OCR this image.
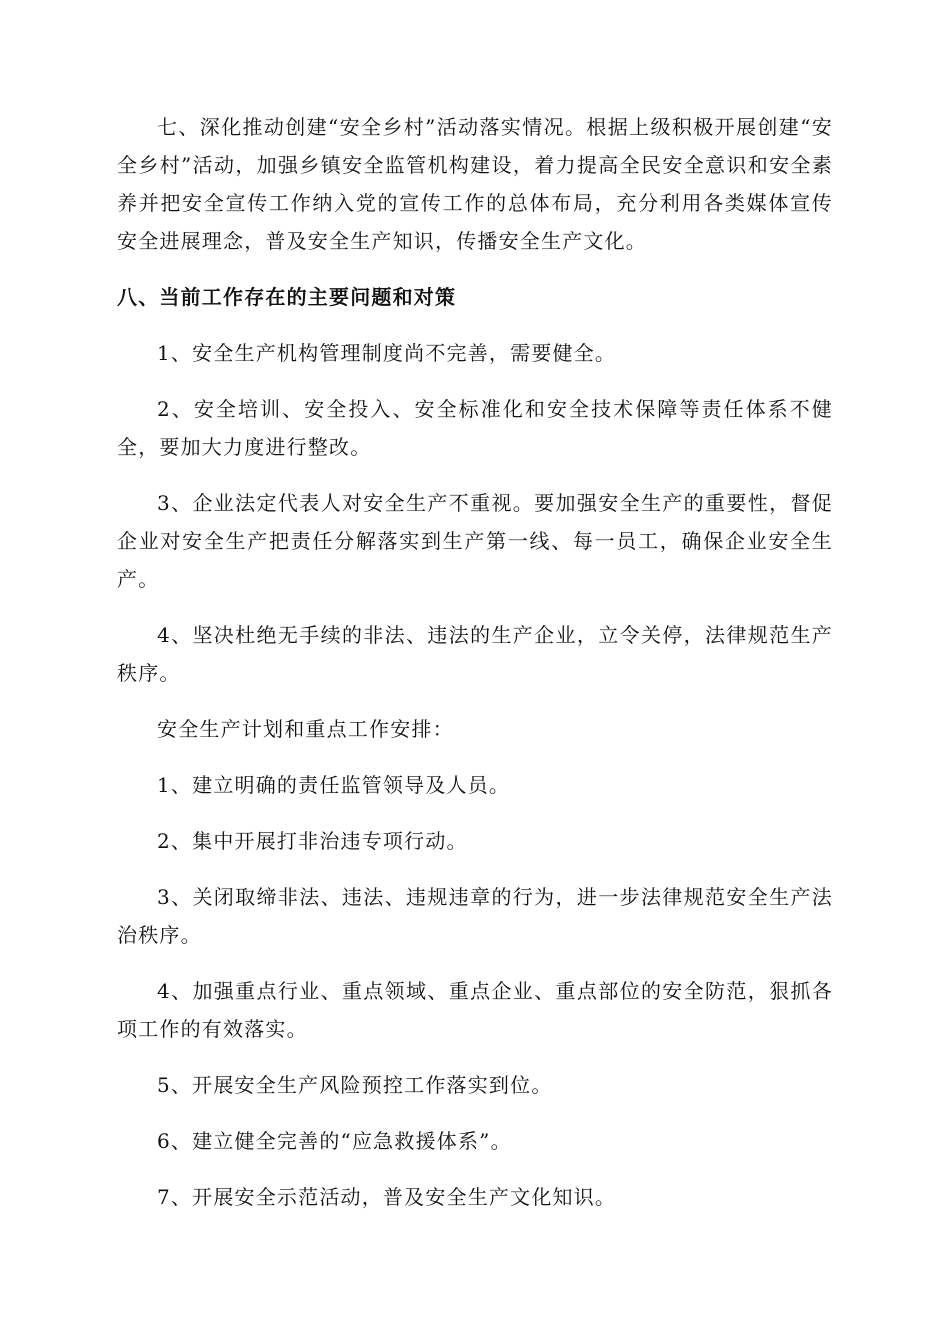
七、深化推动创建“安全乡村”活动落实情况。根据上级积极开展创建“安全乡村”活动，加强乡镇安全监管机构建设，着力提高全民安全意识和安全素养并把安全宣传工作纳入党的宣传工作的总体布局，充分利用各类媒体宣传安全进展理念，普及安全生产知识，传播安全生产文化。

八、当前工作存在的主要问题和对策

1、安全生产机构管理制度尚不完善，需要健全。

2、安全培训、安全投入、安全标准化和安全技术保障等责任体系不健全，要加大力度进行整改。

3、企业法定代表人对安全生产不重视。要加强安全生产的重要性，督促企业对安全生产把责任分解落实到生产第一线、每一员工，确保企业安全生产。

4、坚决杜绝无手续的非法、违法的生产企业，立令关停，法律规范生产秩序。

安全生产计划和重点工作安排：

1、建立明确的责任监管领导及人员。

2、集中开展打非治违专项行动。

3、关闭取缔非法、违法、违规违章的行为，进一步法律规范安全生产法治秩序。

4、加强重点行业、重点领域、重点企业、重点部位的安全防范，狠抓各项工作的有效落实。

5、开展安全生产风险预控工作落实到位。

6、建立健全完善的“应急救援体系”。

7、开展安全示范活动，普及安全生产文化知识。
